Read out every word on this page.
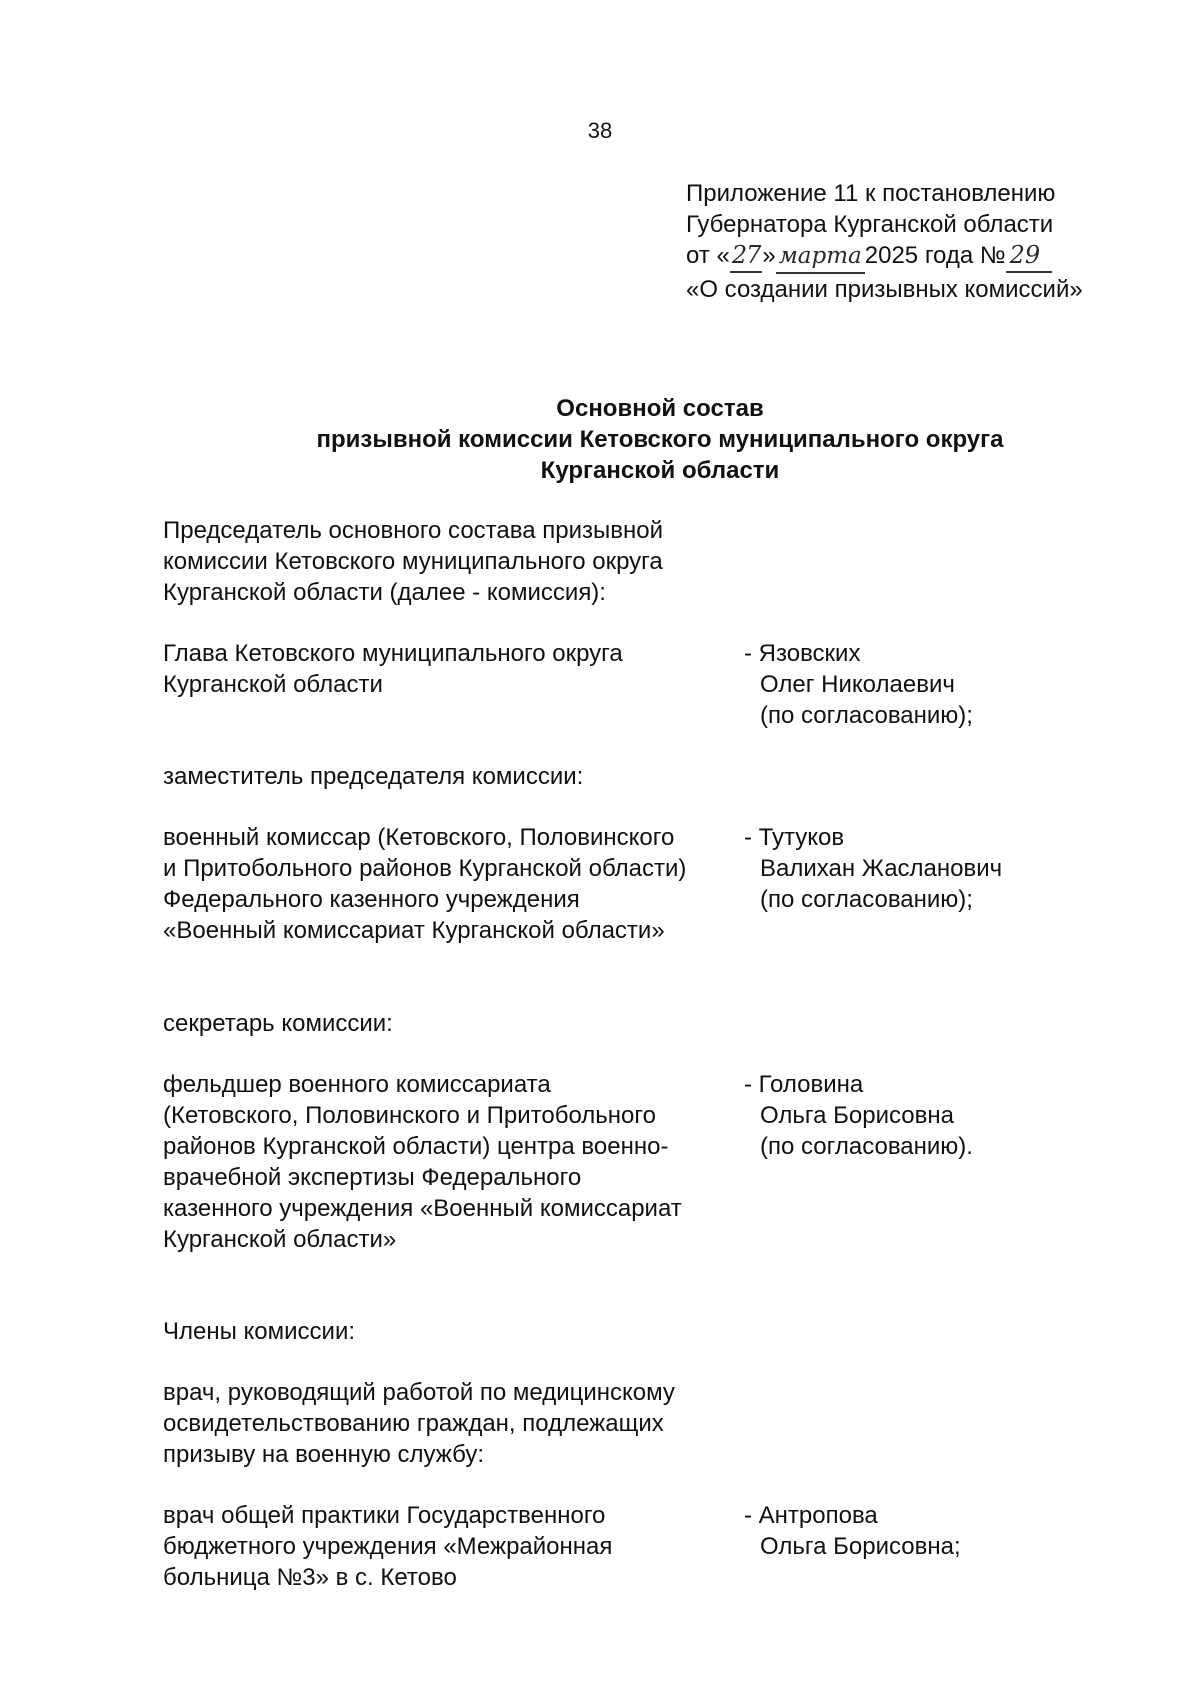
38
Приложение 11 к постановлению
Губернатора Курганской области
от «27» марта 2025 года № 29
«О создании призывных комиссий»
Основной состав
призывной комиссии Кетовского муниципального округа
Курганской области
Председатель основного состава призывной
комиссии Кетовского муниципального округа
Курганской области (далее - комиссия):
Глава Кетовского муниципального округа
Курганской области
- Язовских
Олег Николаевич
(по согласованию);
заместитель председателя комиссии:
военный комиссар (Кетовского, Половинского
и Притобольного районов Курганской области)
Федерального казенного учреждения
«Военный комиссариат Курганской области»
- Тутуков
Валихан Жасланович
(по согласованию);
секретарь комиссии:
фельдшер военного комиссариата
(Кетовского, Половинского и Притобольного
районов Курганской области) центра военно-
врачебной экспертизы Федерального
казенного учреждения «Военный комиссариат
Курганской области»
- Головина
Ольга Борисовна
(по согласованию).
Члены комиссии:
врач, руководящий работой по медицинскому
освидетельствованию граждан, подлежащих
призыву на военную службу:
врач общей практики Государственного
бюджетного учреждения «Межрайонная
больница №3» в с. Кетово
- Антропова
Ольга Борисовна;
